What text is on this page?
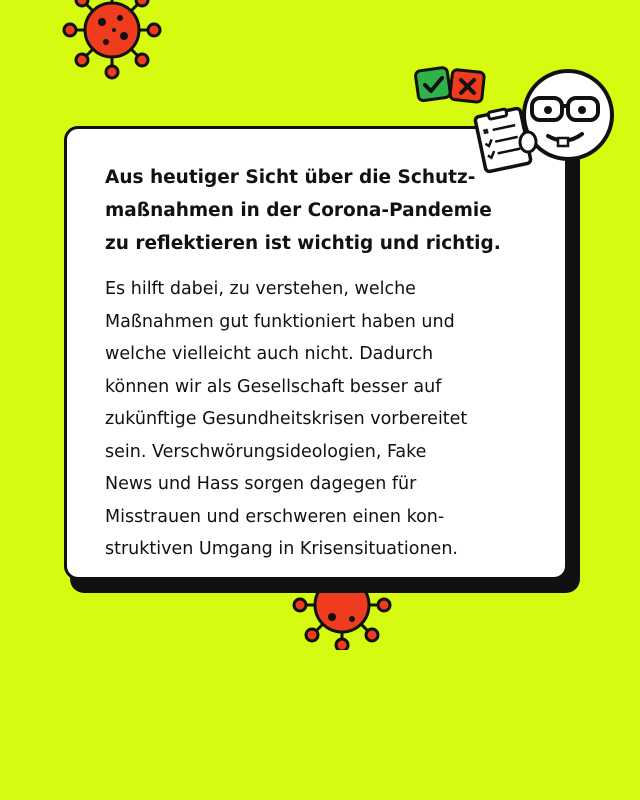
Aus heutiger Sicht über die Schutz-
maßnahmen in der Corona-Pandemie
zu reflektieren ist wichtig und richtig.

Es hilft dabei, zu verstehen, welche
Maßnahmen gut funktioniert haben und
welche vielleicht auch nicht. Dadurch
können wir als Gesellschaft besser auf
zukünftige Gesundheitskrisen vorbereitet
sein. Verschwörungsideologien, Fake
News und Hass sorgen dagegen für
Misstrauen und erschweren einen kon-
struktiven Umgang in Krisensituationen.
